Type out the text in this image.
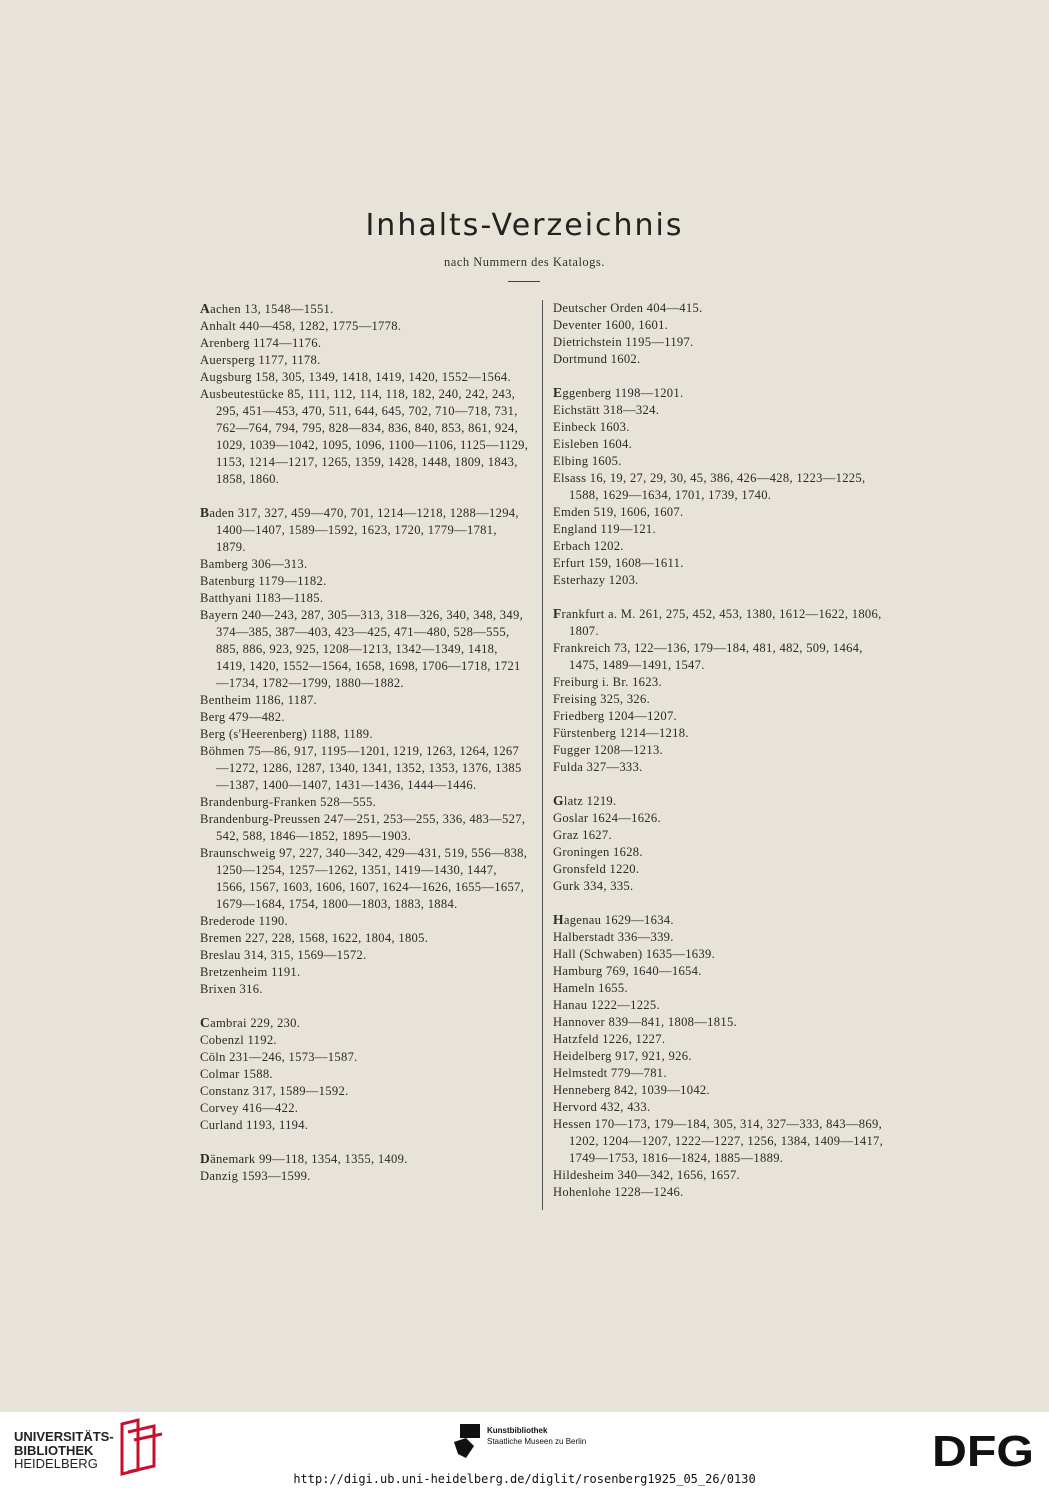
Inhalts-Verzeichnis
nach Nummern des Katalogs.
Aachen 13, 1548—1551.
Anhalt 440—458, 1282, 1775—1778.
Arenberg 1174—1176.
Auersperg 1177, 1178.
Augsburg 158, 305, 1349, 1418, 1419, 1420, 1552—1564.
Ausbeutestücke 85, 111, 112, 114, 118, 182, 240, 242, 243, 295, 451—453, 470, 511, 644, 645, 702, 710—718, 731, 762—764, 794, 795, 828—834, 836, 840, 853, 861, 924, 1029, 1039—1042, 1095, 1096, 1100—1106, 1125—1129, 1153, 1214—1217, 1265, 1359, 1428, 1448, 1809, 1843, 1858, 1860.
Baden 317, 327, 459—470, 701, 1214—1218, 1288—1294, 1400—1407, 1589—1592, 1623, 1720, 1779—1781, 1879.
Bamberg 306—313.
Batenburg 1179—1182.
Batthyani 1183—1185.
Bayern 240—243, 287, 305—313, 318—326, 340, 348, 349, 374—385, 387—403, 423—425, 471—480, 528—555, 885, 886, 923, 925, 1208—1213, 1342—1349, 1418, 1419, 1420, 1552—1564, 1658, 1698, 1706—1718, 1721—1734, 1782—1799, 1880—1882.
Bentheim 1186, 1187.
Berg 479—482.
Berg (s'Heerenberg) 1188, 1189.
Böhmen 75—86, 917, 1195—1201, 1219, 1263, 1264, 1267—1272, 1286, 1287, 1340, 1341, 1352, 1353, 1376, 1385—1387, 1400—1407, 1431—1436, 1444—1446.
Brandenburg-Franken 528—555.
Brandenburg-Preussen 247—251, 253—255, 336, 483—527, 542, 588, 1846—1852, 1895—1903.
Braunschweig 97, 227, 340—342, 429—431, 519, 556—838, 1250—1254, 1257—1262, 1351, 1419—1430, 1447, 1566, 1567, 1603, 1606, 1607, 1624—1626, 1655—1657, 1679—1684, 1754, 1800—1803, 1883, 1884.
Brederode 1190.
Bremen 227, 228, 1568, 1622, 1804, 1805.
Breslau 314, 315, 1569—1572.
Bretzenheim 1191.
Brixen 316.
Cambrai 229, 230.
Cobenzl 1192.
Cöln 231—246, 1573—1587.
Colmar 1588.
Constanz 317, 1589—1592.
Corvey 416—422.
Curland 1193, 1194.
Dänemark 99—118, 1354, 1355, 1409.
Danzig 1593—1599.
Deutscher Orden 404—415.
Deventer 1600, 1601.
Dietrichstein 1195—1197.
Dortmund 1602.
Eggenberg 1198—1201.
Eichstätt 318—324.
Einbeck 1603.
Eisleben 1604.
Elbing 1605.
Elsass 16, 19, 27, 29, 30, 45, 386, 426—428, 1223—1225, 1588, 1629—1634, 1701, 1739, 1740.
Emden 519, 1606, 1607.
England 119—121.
Erbach 1202.
Erfurt 159, 1608—1611.
Esterhazy 1203.
Frankfurt a. M. 261, 275, 452, 453, 1380, 1612—1622, 1806, 1807.
Frankreich 73, 122—136, 179—184, 481, 482, 509, 1464, 1475, 1489—1491, 1547.
Freiburg i. Br. 1623.
Freising 325, 326.
Friedberg 1204—1207.
Fürstenberg 1214—1218.
Fugger 1208—1213.
Fulda 327—333.
Glatz 1219.
Goslar 1624—1626.
Graz 1627.
Groningen 1628.
Gronsfeld 1220.
Gurk 334, 335.
Hagenau 1629—1634.
Halberstadt 336—339.
Hall (Schwaben) 1635—1639.
Hamburg 769, 1640—1654.
Hameln 1655.
Hanau 1222—1225.
Hannover 839—841, 1808—1815.
Hatzfeld 1226, 1227.
Heidelberg 917, 921, 926.
Helmstedt 779—781.
Henneberg 842, 1039—1042.
Hervord 432, 433.
Hessen 170—173, 179—184, 305, 314, 327—333, 843—869, 1202, 1204—1207, 1222—1227, 1256, 1384, 1409—1417, 1749—1753, 1816—1824, 1885—1889.
Hildesheim 340—342, 1656, 1657.
Hohenlohe 1228—1246.
UNIVERSITÄTS-
BIBLIOTHEK
HEIDELBERG
Kunstbibliothek
Staatliche Museen zu Berlin	DFG
http://digi.ub.uni-heidelberg.de/diglit/rosenberg1925_05_26/0130
